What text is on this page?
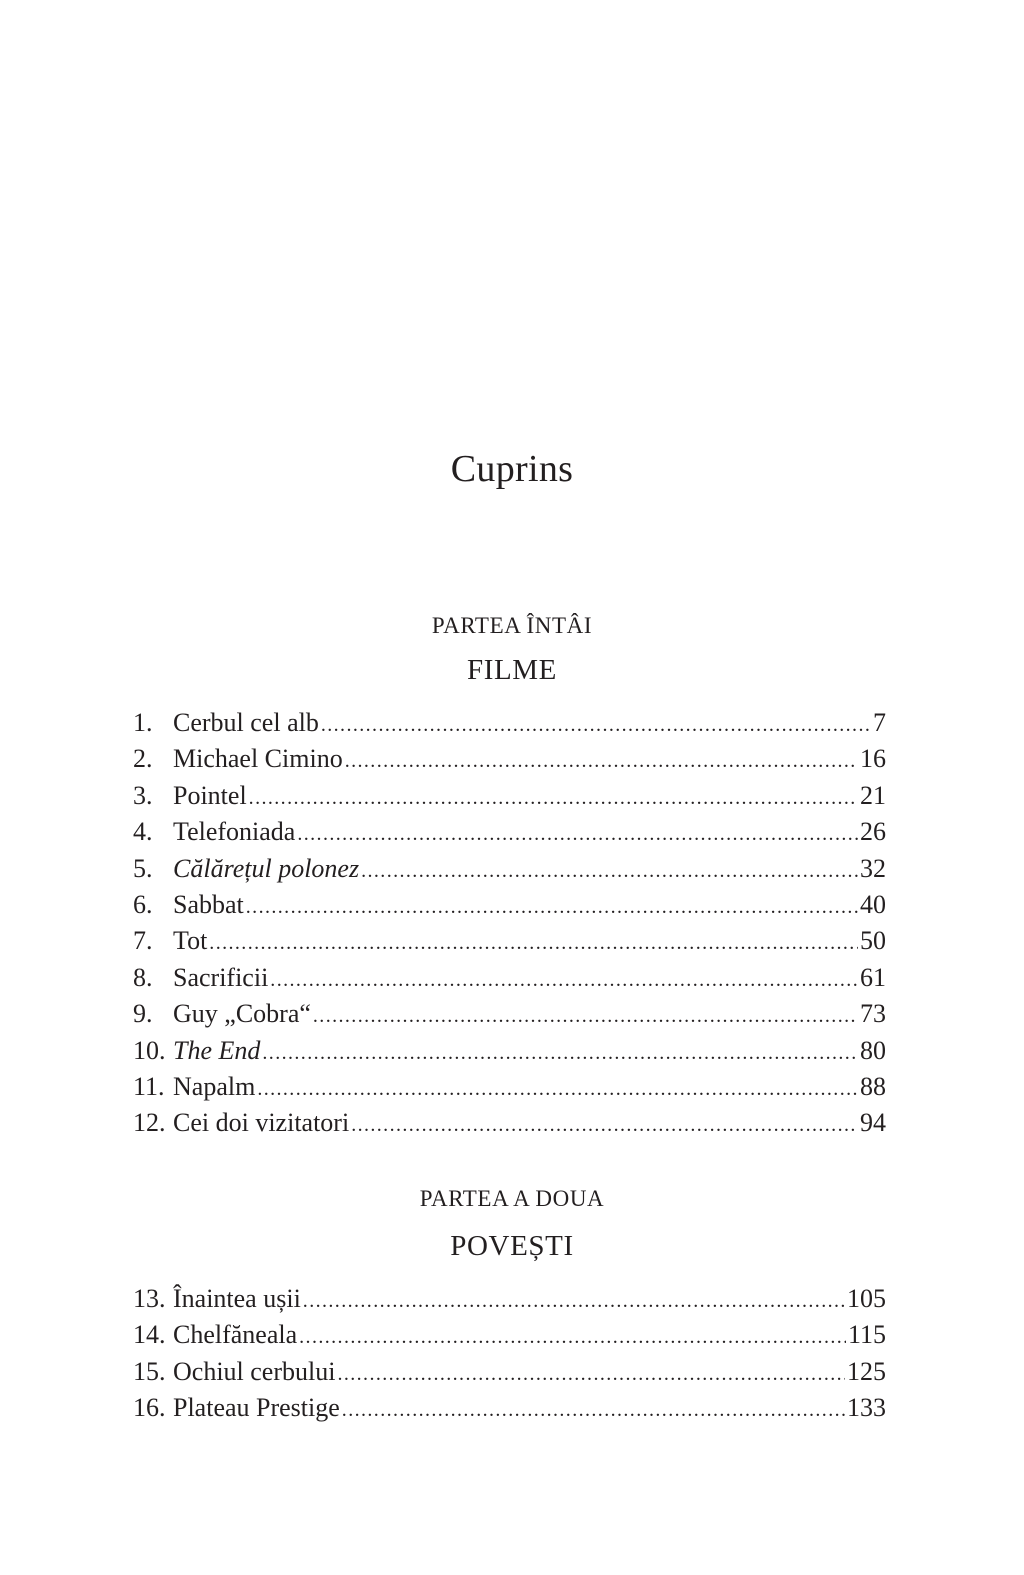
Cuprins
PARTEA ÎNTÂI
FILME
1. Cerbul cel alb .....	7
2. Michael Cimino .....	16
3. Pointel .....	21
4. Telefoniada .....	26
5. Călărețul polonez .....	32
6. Sabbat .....	40
7. Tot .....	50
8. Sacrificii .....	61
9. Guy „Cobra“ .....	73
10. The End .....	80
11. Napalm .....	88
12. Cei doi vizitatori .....	94
PARTEA A DOUA
POVEȘTI
13. Înaintea ușii .....	105
14. Chelfăneala .....	115
15. Ochiul cerbului .....	125
16. Plateau Prestige .....	133
